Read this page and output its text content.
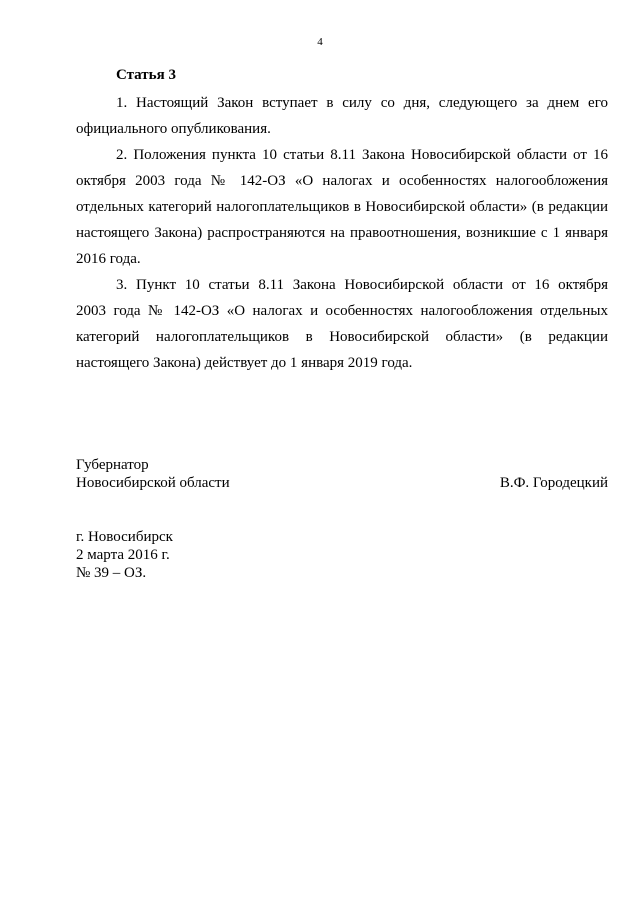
4
Статья 3

1. Настоящий Закон вступает в силу со дня, следующего за днем его
официального опубликования.

2. Положения пункта 10 статьи 8.11 Закона Новосибирской области от 16
октября 2003 года № 142-ОЗ «О налогах и особенностях налогообложения
отдельных категорий налогоплательщиков в Новосибирской области» (в редакции
настоящего Закона) распространяются на правоотношения, возникшие с 1 января
2016 года.

3. Пункт 10 статьи 8.11 Закона Новосибирской области от 16 октября
2003 года № 142-ОЗ «О налогах и особенностях налогообложения отдельных
категорий налогоплательщиков в Новосибирской области» (в редакции
настоящего Закона) действует до 1 января 2019 года.

Губернатор
Новосибирской области	В.Ф. Городецкий
г. Новосибирск
2 марта 2016 г.
№ 39 – ОЗ.
